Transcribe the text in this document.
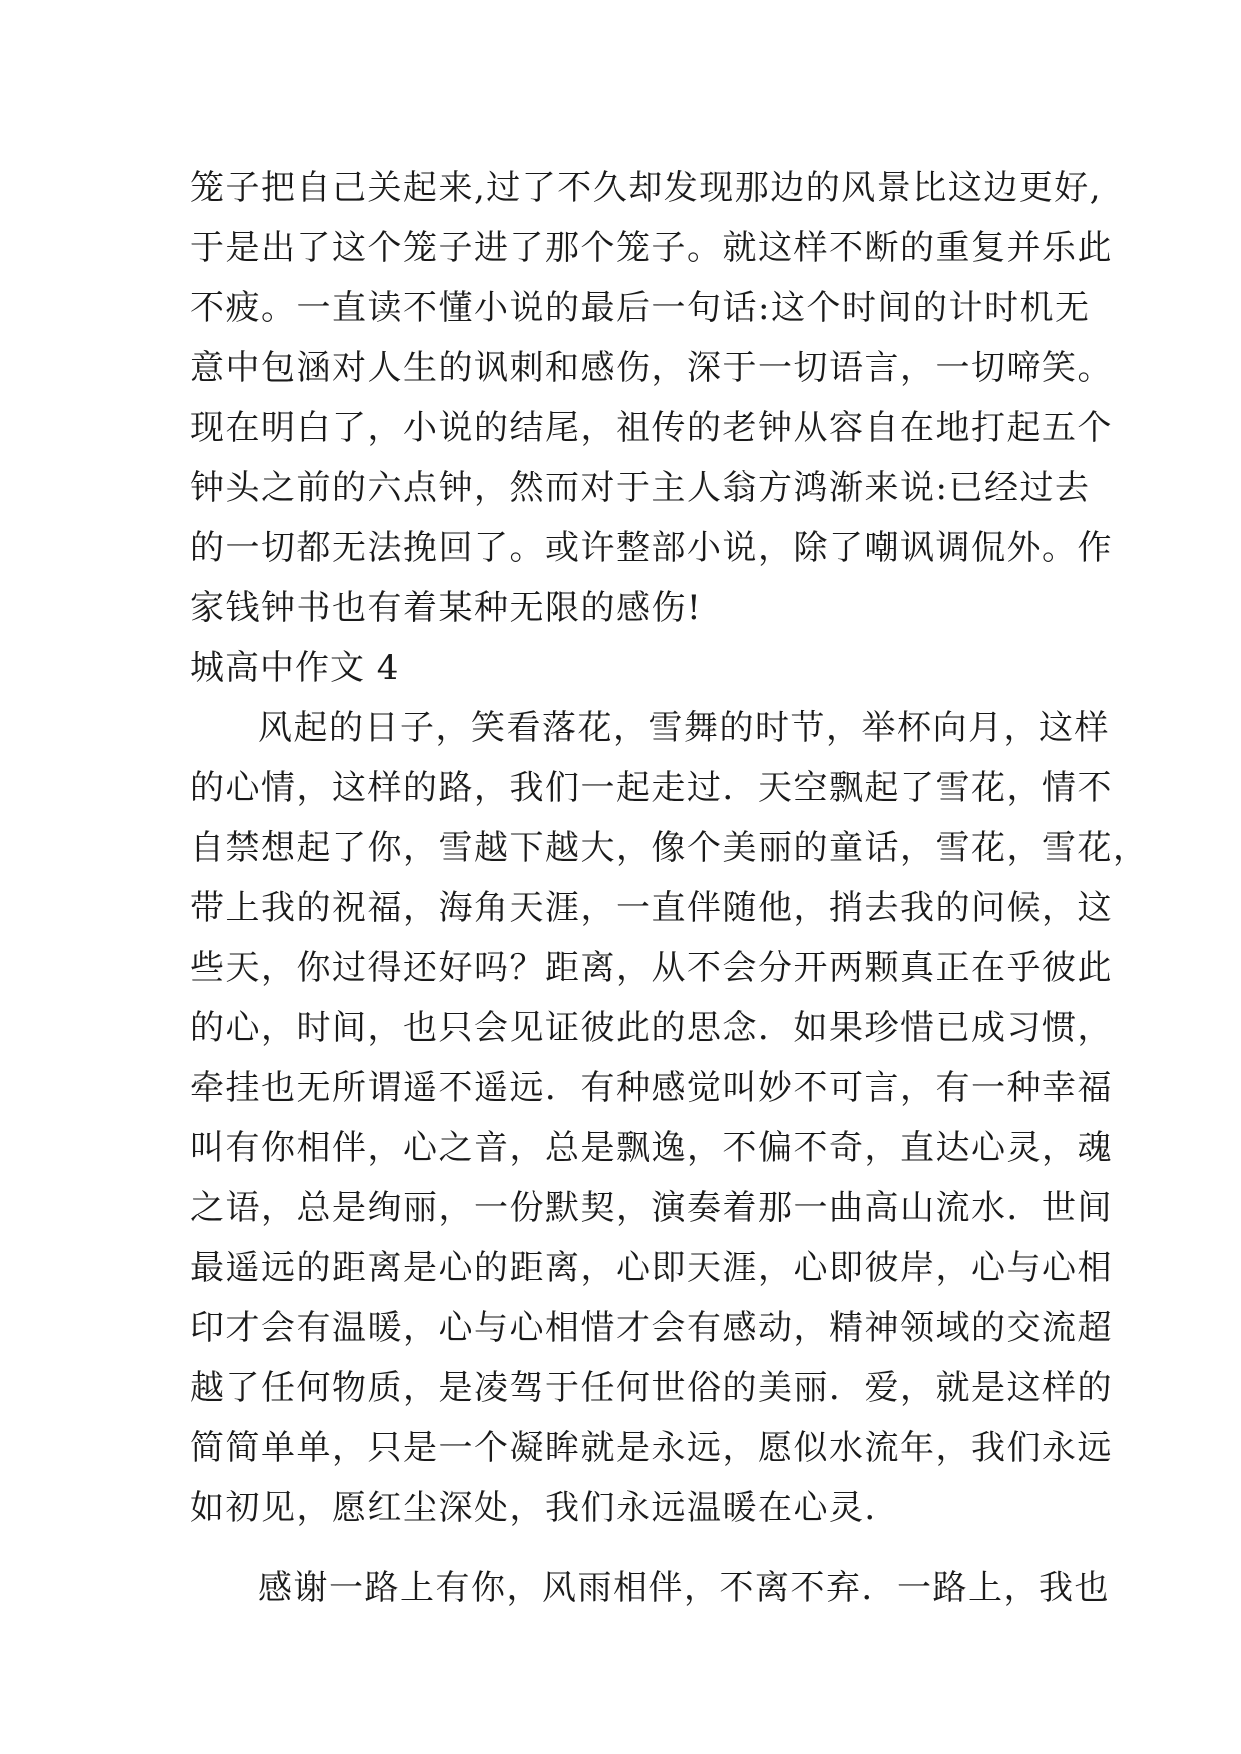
笼子把自己关起来,过了不久却发现那边的风景比这边更好,
于是出了这个笼子进了那个笼子。就这样不断的重复并乐此
不疲。一直读不懂小说的最后一句话:这个时间的计时机无
意中包涵对人生的讽刺和感伤，深于一切语言，一切啼笑。
现在明白了，小说的结尾，祖传的老钟从容自在地打起五个
钟头之前的六点钟，然而对于主人翁方鸿渐来说:已经过去
的一切都无法挽回了。或许整部小说，除了嘲讽调侃外。作
家钱钟书也有着某种无限的感伤!
城高中作文 4
风起的日子，笑看落花，雪舞的时节，举杯向月，这样
的心情，这样的路，我们一起走过．天空飘起了雪花，情不
自禁想起了你，雪越下越大，像个美丽的童话，雪花，雪花，
带上我的祝福，海角天涯，一直伴随他，捎去我的问候，这
些天，你过得还好吗？距离，从不会分开两颗真正在乎彼此
的心，时间，也只会见证彼此的思念．如果珍惜已成习惯，
牵挂也无所谓遥不遥远．有种感觉叫妙不可言，有一种幸福
叫有你相伴，心之音，总是飘逸，不偏不奇，直达心灵，魂
之语，总是绚丽，一份默契，演奏着那一曲高山流水．世间
最遥远的距离是心的距离，心即天涯，心即彼岸，心与心相
印才会有温暖，心与心相惜才会有感动，精神领域的交流超
越了任何物质，是凌驾于任何世俗的美丽．爱，就是这样的
简简单单，只是一个凝眸就是永远，愿似水流年，我们永远
如初见，愿红尘深处，我们永远温暖在心灵．
感谢一路上有你，风雨相伴，不离不弃．一路上，我也
